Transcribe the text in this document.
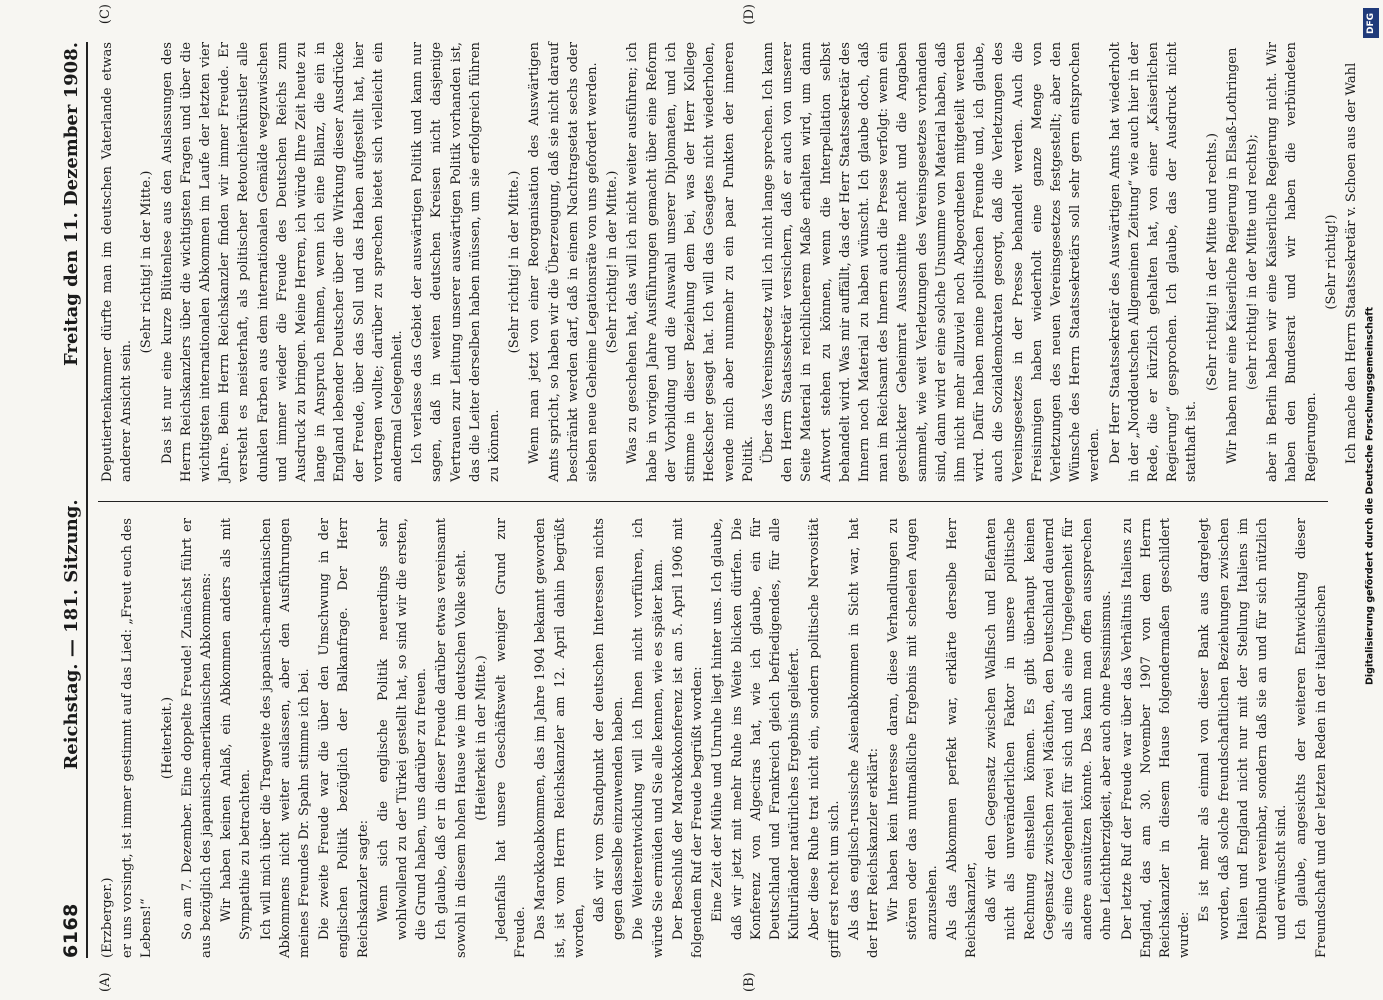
6168
Reichstag. — 181. Sitzung.
Freitag den 11. Dezember 1908.
(A)	(B)
(C)	(D)

(Erzberger.) er uns vorsingt, ist immer gestimmt auf das Lied: „Freut euch des Lebens!“

(Heiterkeit.) So am 7. Dezember. Eine doppelte Freude! Zunächst führt er aus bezüglich des japanisch-amerikanischen Abkommens: Wir haben keinen Anlaß, ein Abkommen anders als mit Sympathie zu betrachten. Ich will mich über die Tragweite des japanisch-amerikanischen Abkommens nicht weiter auslassen, aber den Ausführungen meines Freundes Dr. Spahn stimme ich bei. Die zweite Freude war die über den Umschwung in der englischen Politik bezüglich der Balkanfrage. Der Herr Reichskanzler sagte: Wenn sich die englische Politik neuerdings sehr wohlwollend zu der Türkei gestellt hat, so sind wir die ersten, die Grund haben, uns darüber zu freuen. Ich glaube, daß er in dieser Freude darüber etwas vereinsamt sowohl in diesem hohen Hause wie im deutschen Volke steht. (Heiterkeit in der Mitte.) Jedenfalls hat unsere Geschäftswelt weniger Grund zur Freude. Das Marokkoabkommen, das im Jahre 1904 bekannt geworden ist, ist vom Herrn Reichskanzler am 12. April dahin begrüßt worden,

daß wir vom Standpunkt der deutschen Interessen nichts gegen dasselbe einzuwenden haben. Die Weiterentwicklung will ich Ihnen nicht vorführen, ich würde Sie ermüden und Sie alle kennen, wie es später kam. Der Beschluß der Marokkokonferenz ist am 5. April 1906 mit folgendem Ruf der Freude begrüßt worden: Eine Zeit der Mühe und Unruhe liegt hinter uns. Ich glaube, daß wir jetzt mit mehr Ruhe ins Weite blicken dürfen. Die Konferenz von Algeciras hat, wie ich glaube, ein für Deutschland und Frankreich gleich befriedigendes, für alle Kulturländer natürliches Ergebnis geliefert. Aber diese Ruhe trat nicht ein, sondern politische Nervosität griff erst recht um sich. Als das englisch-russische Asienabkommen in Sicht war, hat der Herr Reichskanzler erklärt: Wir haben kein Interesse daran, diese Verhandlungen zu stören oder das mutmaßliche Ergebnis mit scheelen Augen anzusehen. Als das Abkommen perfekt war, erklärte derselbe Herr Reichskanzler, daß wir den Gegensatz zwischen Walfisch und Elefanten nicht als unveränderlichen Faktor in unsere politische Rechnung einstellen können. Es gibt überhaupt keinen Gegensatz zwischen zwei Mächten, den Deutschland dauernd als eine Gelegenheit für sich und als eine Ungelegenheit für andere ausnützen könnte. Das kann man offen aussprechen ohne Leichtherzigkeit, aber auch ohne Pessimismus. Der letzte Ruf der Freude war über das Verhältnis Italiens zu England, das am 30. November 1907 von dem Herrn Reichskanzler in diesem Hause folgendermaßen geschildert wurde:

Es ist mehr als einmal von dieser Bank aus dargelegt worden, daß solche freundschaftlichen Beziehungen zwischen Italien und England nicht nur mit der Stellung Italiens im Dreibund vereinbar, sondern daß sie an und für sich nützlich und erwünscht sind. Ich glaube, angesichts der weiteren Entwicklung dieser Freundschaft und der letzten Reden in der italienischen

Deputiertenkammer dürfte man im deutschen Vaterlande etwas anderer Ansicht sein.

(Sehr richtig! in der Mitte.) Das ist nur eine kurze Blütenlese aus den Auslassungen des Herrn Reichskanzlers über die wichtigsten Fragen und über die wichtigsten internationalen Abkommen im Laufe der letzten vier Jahre. Beim Herrn Reichskanzler finden wir immer Freude. Er versteht es meisterhaft, als politischer Retouchierkünstler alle dunklen Farben aus dem internationalen Gemälde wegzuwischen und immer wieder die Freude des Deutschen Reichs zum Ausdruck zu bringen. Meine Herren, ich würde Ihre Zeit heute zu lange in Anspruch nehmen, wenn ich eine Bilanz, die ein in England lebender Deutscher über die Wirkung dieser Ausdrücke der Freude, über das Soll und das Haben aufgestellt hat, hier vortragen wollte; darüber zu sprechen bietet sich vielleicht ein andermal Gelegenheit. Ich verlasse das Gebiet der auswärtigen Politik und kann nur sagen, daß in weiten deutschen Kreisen nicht dasjenige Vertrauen zur Leitung unserer auswärtigen Politik vorhanden ist, das die Leiter derselben haben müssen, um sie erfolgreich führen zu können.

(Sehr richtig! in der Mitte.) Wenn man jetzt von einer Reorganisation des Auswärtigen Amts spricht, so haben wir die Überzeugung, daß sie nicht darauf beschränkt werden darf, daß in einem Nachtragsetat sechs oder sieben neue Geheime Legationsräte von uns gefordert werden. (Sehr richtig! in der Mitte.) Was zu geschehen hat, das will ich nicht weiter ausführen; ich habe in vorigen Jahre Ausführungen gemacht über eine Reform der Vorbildung und die Auswahl unserer Diplomaten, und ich stimme in dieser Beziehung dem bei, was der Herr Kollege Heckscher gesagt hat. Ich will das Gesagtes nicht wiederholen, wende mich aber nunmehr zu ein paar Punkten der inneren Politik. Über das Vereinsgesetz will ich nicht lange sprechen. Ich kann den Herrn Staatssekretär versichern, daß er auch von unserer Seite Material in reichlicherem Maße erhalten wird, um dann Antwort stehen zu können, wenn die Interpellation selbst behandelt wird. Was mir auffällt, das der Herr Staatssekretär des Innern noch Material zu haben wünscht. Ich glaube doch, daß man im Reichsamt des Innern auch die Presse verfolgt: wenn ein geschickter Geheimrat Ausschnitte macht und die Angaben sammelt, wie weit Verletzungen des Vereinsgesetzes vorhanden sind, dann wird er eine solche Unsumme von Material haben, daß ihm nicht mehr allzuviel noch Abgeordneten mitgeteilt werden wird. Dafür haben meine politischen Freunde und, ich glaube, auch die Sozialdemokraten gesorgt, daß die Verletzungen des Vereinsgesetzes in der Presse behandelt werden. Auch die Freisinnigen haben wiederholt eine ganze Menge von Verletzungen des neuen Vereinsgesetzes festgestellt; aber den Wünsche des Herrn Staatssekretärs soll sehr gern entsprochen werden. Der Herr Staatssekretär des Auswärtigen Amts hat wiederholt in der „Norddeutschen Allgemeinen Zeitung“ wie auch hier in der Rede, die er kürzlich gehalten hat, von einer „Kaiserlichen Regierung“ gesprochen. Ich glaube, das der Ausdruck nicht statthaft ist.

(Sehr richtig! in der Mitte und rechts.) Wir haben nur eine Kaiserliche Regierung in Elsaß-Lothringen (sehr richtig! in der Mitte und rechts); aber in Berlin haben wir eine Kaiserliche Regierung nicht. Wir haben den Bundesrat und wir haben die verbündeten Regierungen.

(Sehr richtig!) Ich mache den Herrn Staatssekretär v. Schoen aus der Wahl

Digitalisierung gefördert durch die Deutsche Forschungsgemeinschaft
DFG
